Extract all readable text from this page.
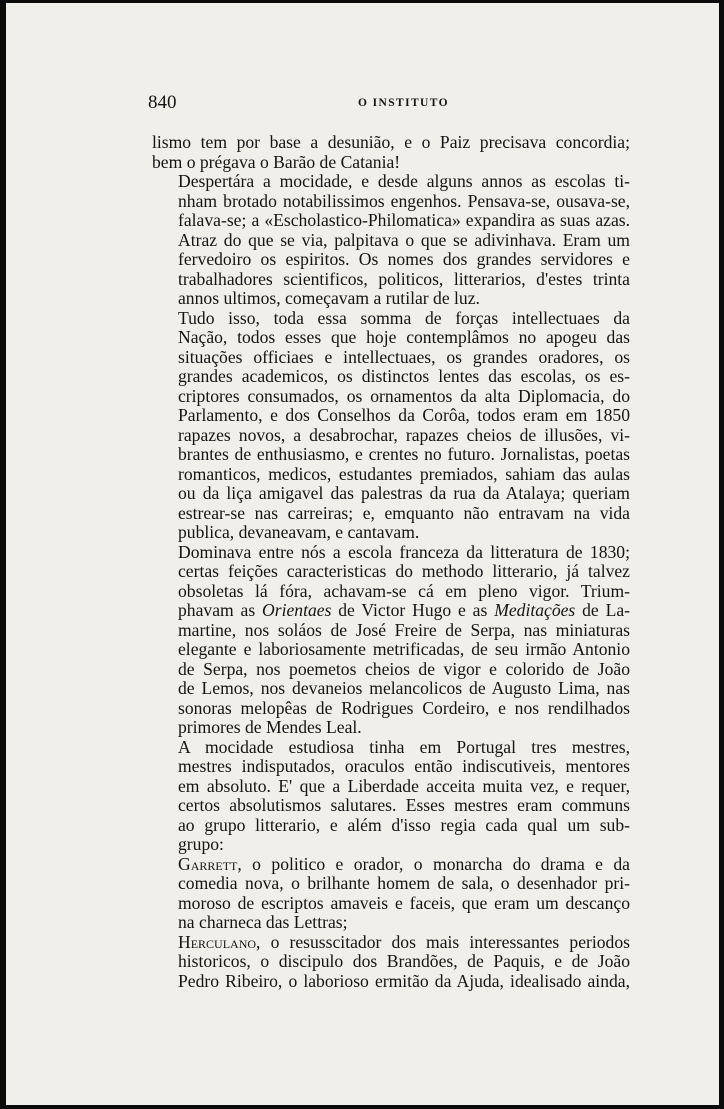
840	O INSTITUTO

lismo tem por base a desunião, e o Paiz precisava concordia;
bem o prégava o Barão de Catania!

Despertára a mocidade, e desde alguns annos as escolas ti-
nham brotado notabilissimos engenhos. Pensava-se, ousava-se,
falava-se; a «Escholastico-Philomatica» expandira as suas azas.
Atraz do que se via, palpitava o que se adivinhava. Eram um
fervedoiro os espiritos. Os nomes dos grandes servidores e
trabalhadores scientificos, politicos, litterarios, d'estes trinta
annos ultimos, começavam a rutilar de luz.

Tudo isso, toda essa somma de forças intellectuaes da
Nação, todos esses que hoje contemplâmos no apogeu das
situações officiaes e intellectuaes, os grandes oradores, os
grandes academicos, os distinctos lentes das escolas, os es-
criptores consumados, os ornamentos da alta Diplomacia, do
Parlamento, e dos Conselhos da Corôa, todos eram em 1850
rapazes novos, a desabrochar, rapazes cheios de illusões, vi-
brantes de enthusiasmo, e crentes no futuro. Jornalistas, poetas
romanticos, medicos, estudantes premiados, sahiam das aulas
ou da liça amigavel das palestras da rua da Atalaya; queriam
estrear-se nas carreiras; e, emquanto não entravam na vida
publica, devaneavam, e cantavam.

Dominava entre nós a escola franceza da litteratura de 1830;
certas feições caracteristicas do methodo litterario, já talvez
obsoletas lá fóra, achavam-se cá em pleno vigor. Trium-
phavam as Orientaes de Victor Hugo e as Meditações de La-
martine, nos soláos de José Freire de Serpa, nas miniaturas
elegante e laboriosamente metrificadas, de seu irmão Antonio
de Serpa, nos poemetos cheios de vigor e colorido de João
de Lemos, nos devaneios melancolicos de Augusto Lima, nas
sonoras melopêas de Rodrigues Cordeiro, e nos rendilhados
primores de Mendes Leal.

A mocidade estudiosa tinha em Portugal tres mestres,
mestres indisputados, oraculos então indiscutiveis, mentores
em absoluto. E' que a Liberdade acceita muita vez, e requer,
certos absolutismos salutares. Esses mestres eram communs
ao grupo litterario, e além d'isso regia cada qual um sub-
grupo:

Garrett, o politico e orador, o monarcha do drama e da
comedia nova, o brilhante homem de sala, o desenhador pri-
moroso de escriptos amaveis e faceis, que eram um descanço
na charneca das Lettras;

Herculano, o resusscitador dos mais interessantes periodos
historicos, o discipulo dos Brandões, de Paquis, e de João
Pedro Ribeiro, o laborioso ermitão da Ajuda, idealisado ainda,
